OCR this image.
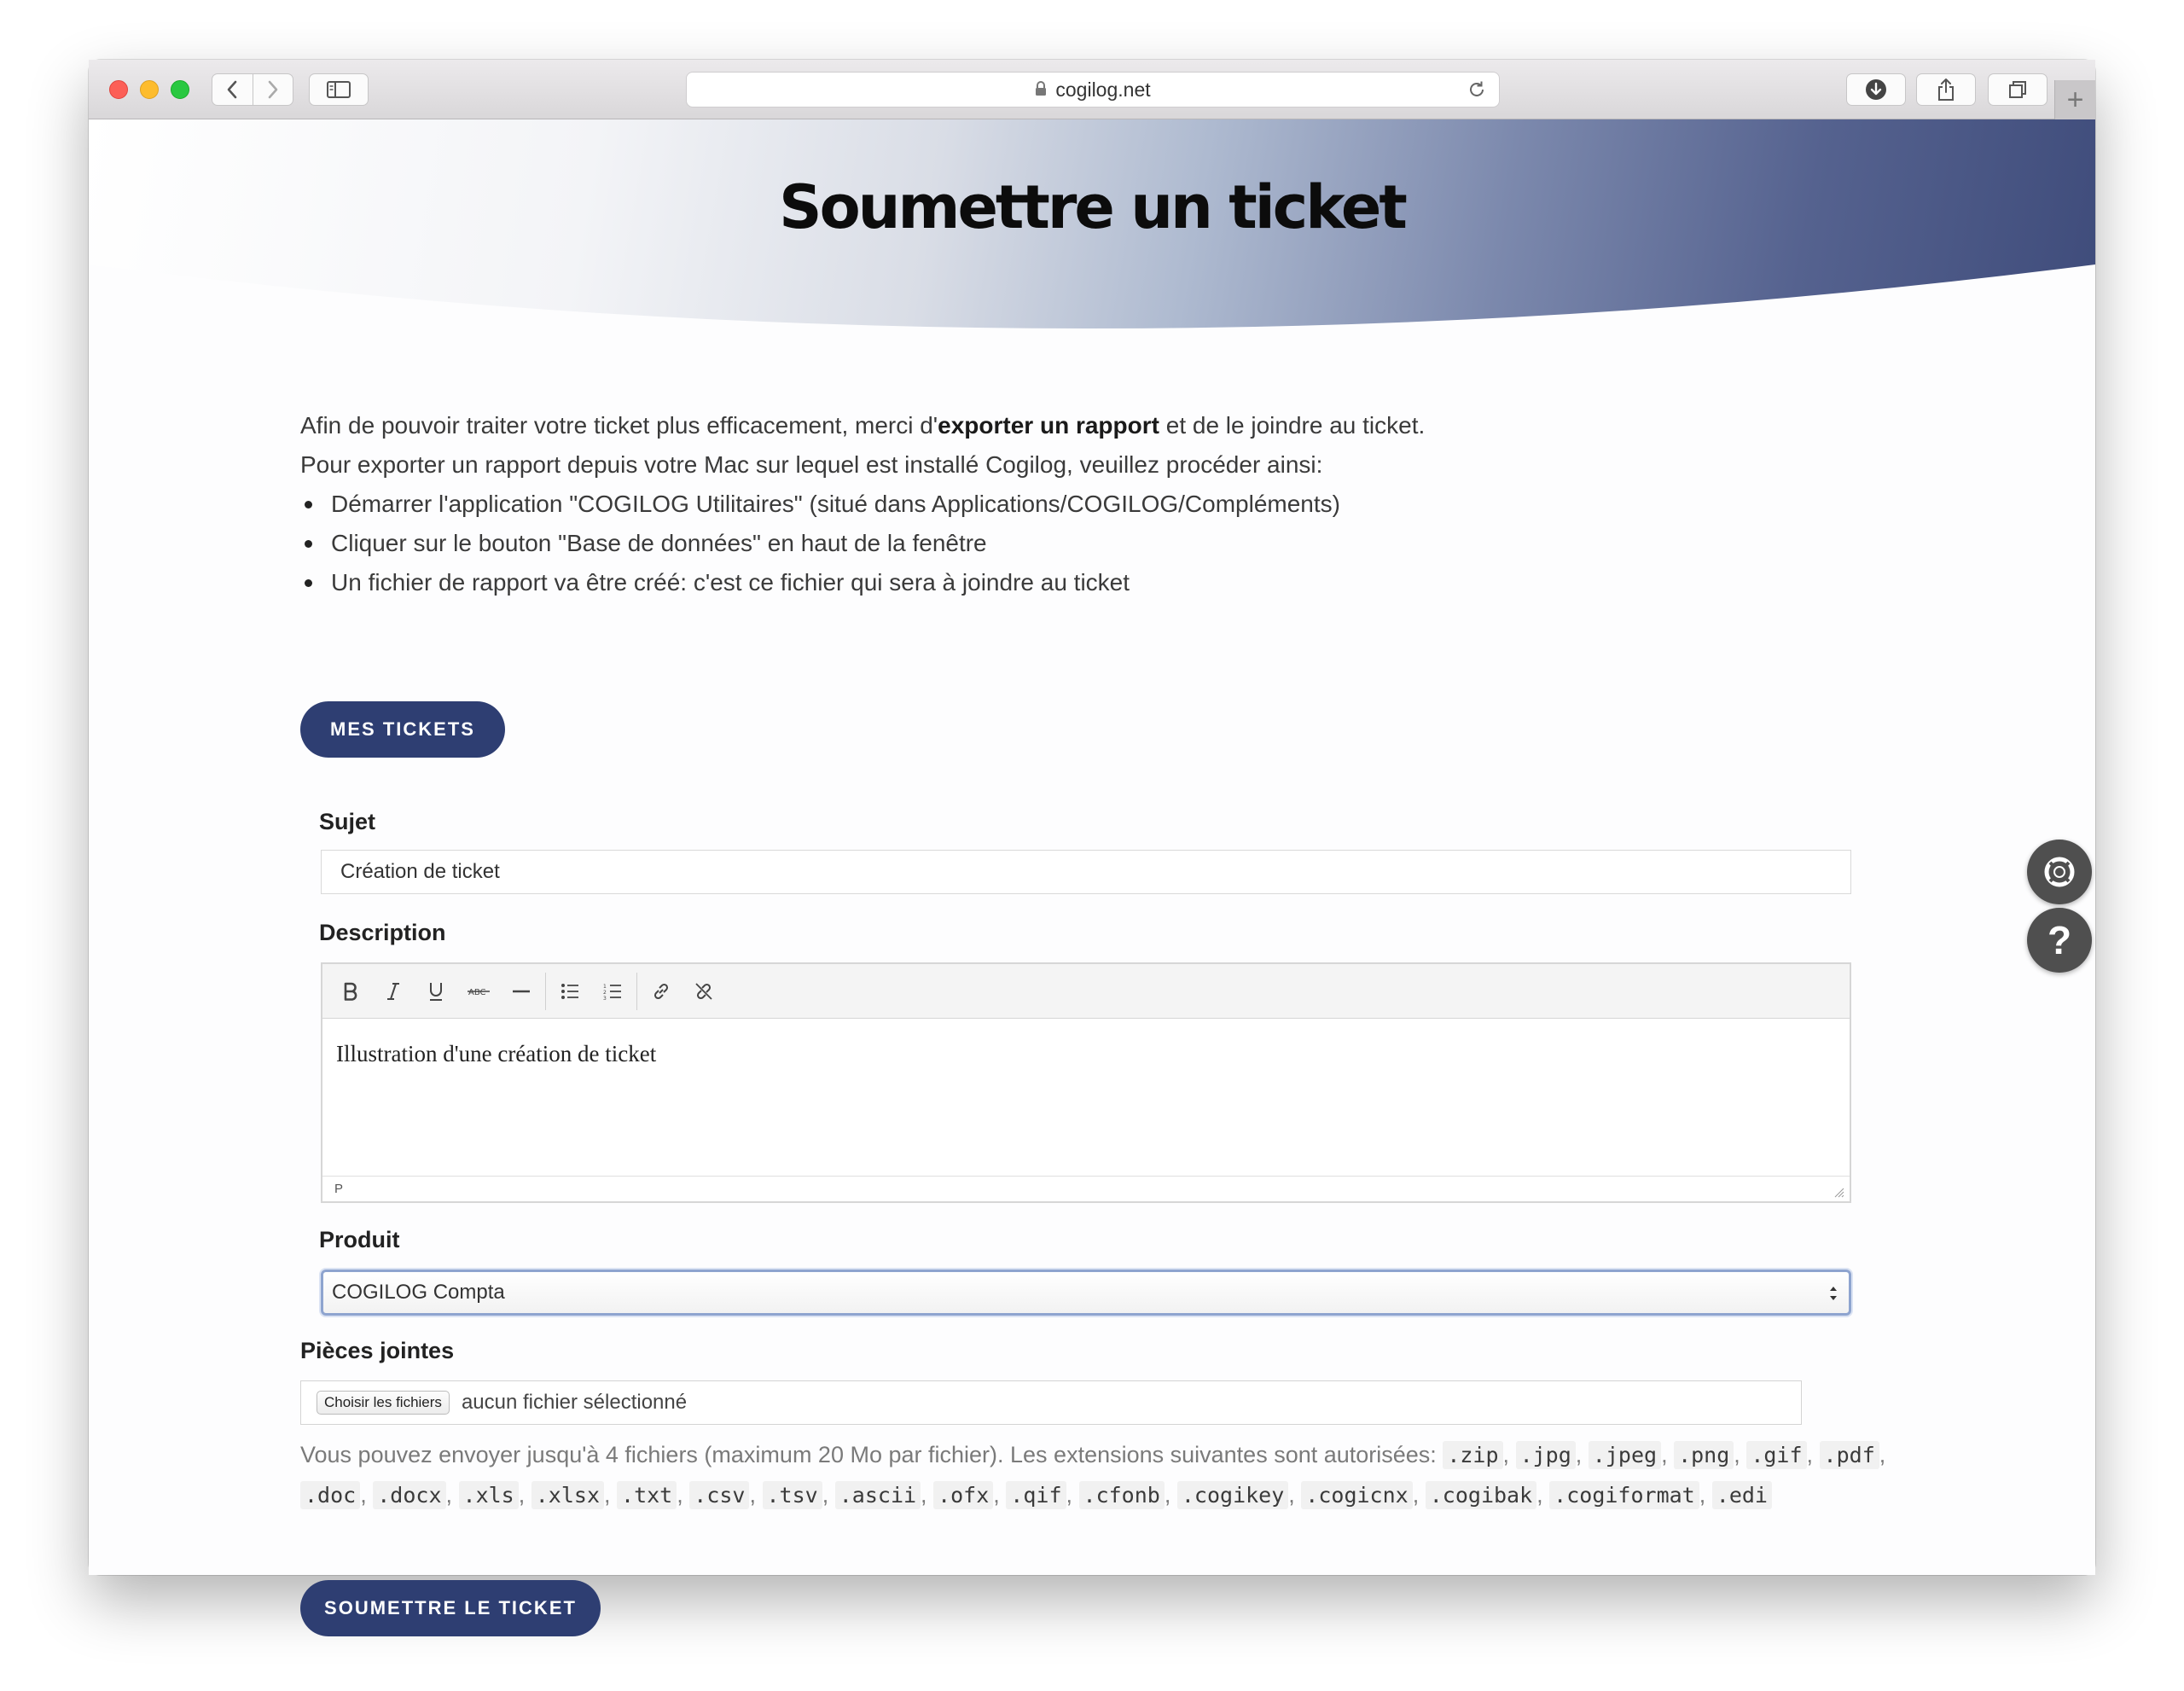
cogilog.net	+
Soumettre un ticket

Afin de pouvoir traiter votre ticket plus efficacement, merci d'exporter un rapport et de le joindre au ticket.

Pour exporter un rapport depuis votre Mac sur lequel est installé Cogilog, veuillez procéder ainsi:

Démarrer l'application "COGILOG Utilitaires" (situé dans Applications/COGILOG/Compléments)
Cliquer sur le bouton "Base de données" en haut de la fenêtre
Un fichier de rapport va être créé: c'est ce fichier qui sera à joindre au ticket
MES TICKETS
Sujet
Création de ticket
Description
ABC
1
2
3
Illustration d'une création de ticket
P
Produit
COGILOG Compta
Pièces jointes
Choisir les fichiers aucun fichier sélectionné
Vous pouvez envoyer jusqu'à 4 fichiers (maximum 20 Mo par fichier). Les extensions suivantes sont autorisées: .zip , .jpg , .jpeg , .png , .gif , .pdf , .doc , .docx , .xls , .xlsx , .txt , .csv , .tsv , .ascii , .ofx , .qif , .cfonb , .cogikey , .cogicnx , .cogibak , .cogiformat , .edi
SOUMETTRE LE TICKET
?
